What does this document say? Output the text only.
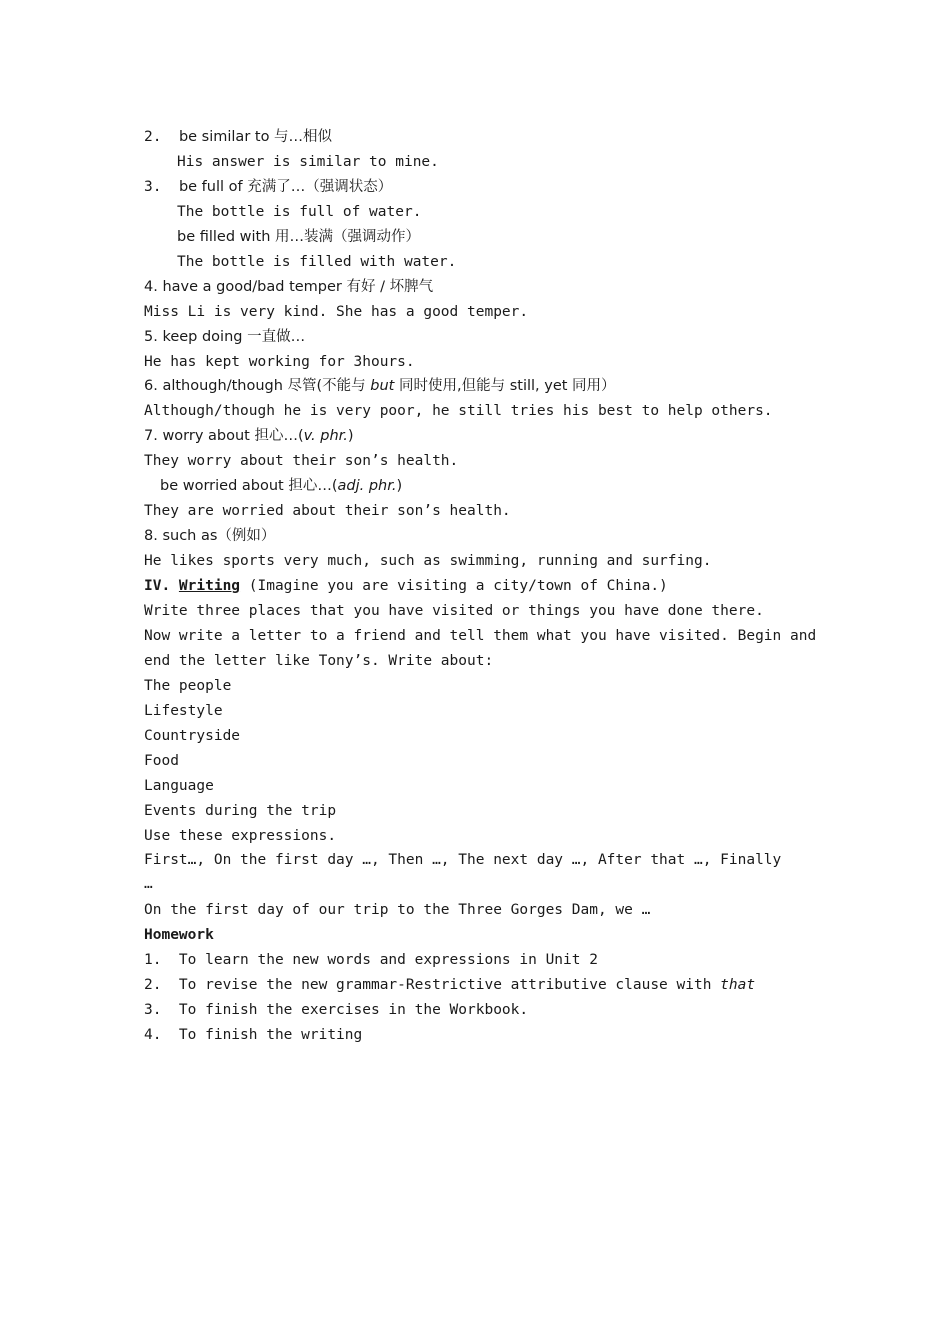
2. be similar to 与…相似
His answer is similar to mine.
3. be full of 充满了…（强调状态）
The bottle is full of water.
be filled with 用…装满（强调动作）
The bottle is filled with water.
4. have a good/bad temper 有好 / 坏脾气
Miss Li is very kind. She has a good temper.
5. keep doing 一直做…
He has kept working for 3hours.
6. although/though 尽管(不能与 but 同时使用,但能与 still, yet 同用）
Although/though he is very poor, he still tries his best to help others.
7. worry about 担心…(v. phr.)
They worry about their son’s health.
be worried about 担心…(adj. phr.)
They are worried about their son’s health.
8. such as（例如）
He likes sports very much, such as swimming, running and surfing.
IV. Writing (Imagine you are visiting a city/town of China.)
Write three places that you have visited or things you have done there.
Now write a letter to a friend and tell them what you have visited. Begin and
end the letter like Tony’s. Write about:
The people
Lifestyle
Countryside
Food
Language
Events during the trip
Use these expressions.
First…, On the first day …, Then …, The next day …, After that …, Finally
…
On the first day of our trip to the Three Gorges Dam, we …
Homework
1.  To learn the new words and expressions in Unit 2
2.  To revise the new grammar-Restrictive attributive clause with that
3.  To finish the exercises in the Workbook.
4.  To finish the writing
